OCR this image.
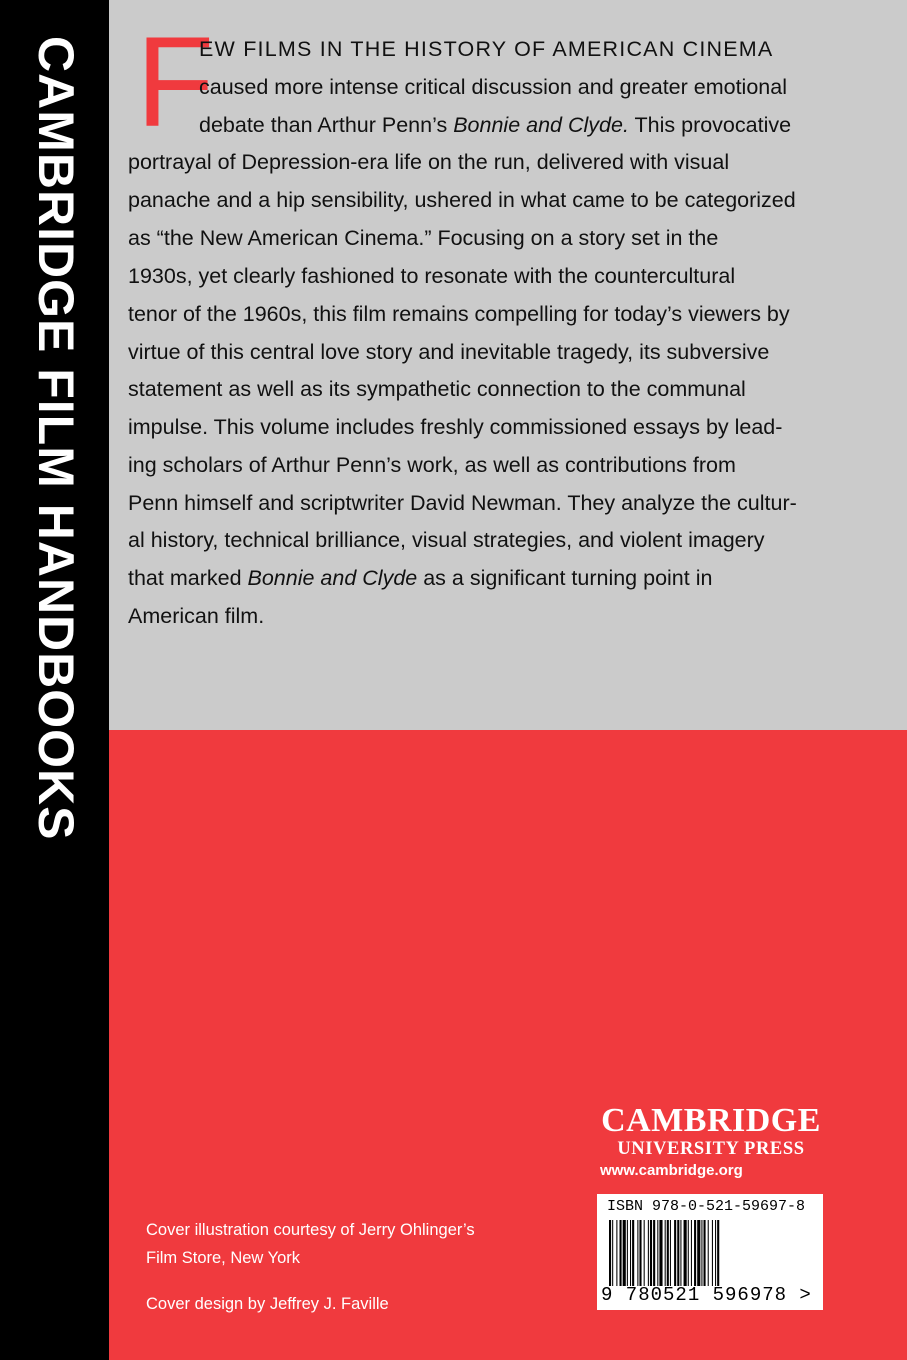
CAMBRIDGE FILM HANDBOOKS F
EW FILMS IN THE HISTORY OF AMERICAN CINEMA
caused more intense critical discussion and greater emotional
debate than Arthur Penn’s Bonnie and Clyde. This provocative
portrayal of Depression-era life on the run, delivered with visual
panache and a hip sensibility, ushered in what came to be categorized
as “the New American Cinema.” Focusing on a story set in the
1930s, yet clearly fashioned to resonate with the countercultural
tenor of the 1960s, this film remains compelling for today’s viewers by
virtue of this central love story and inevitable tragedy, its subversive
statement as well as its sympathetic connection to the communal
impulse. This volume includes freshly commissioned essays by lead-
ing scholars of Arthur Penn’s work, as well as contributions from
Penn himself and scriptwriter David Newman. They analyze the cultur-
al history, technical brilliance, visual strategies, and violent imagery
that marked Bonnie and Clyde as a significant turning point in
American film.

Cover illustration courtesy of Jerry Ohlinger’s

Film Store, New York

Cover design by Jeffrey J. Faville

CAMBRIDGE
UNIVERSITY PRESS
www.cambridge.org
ISBN 978-0-521-59697-8
9 780521 596978 >
